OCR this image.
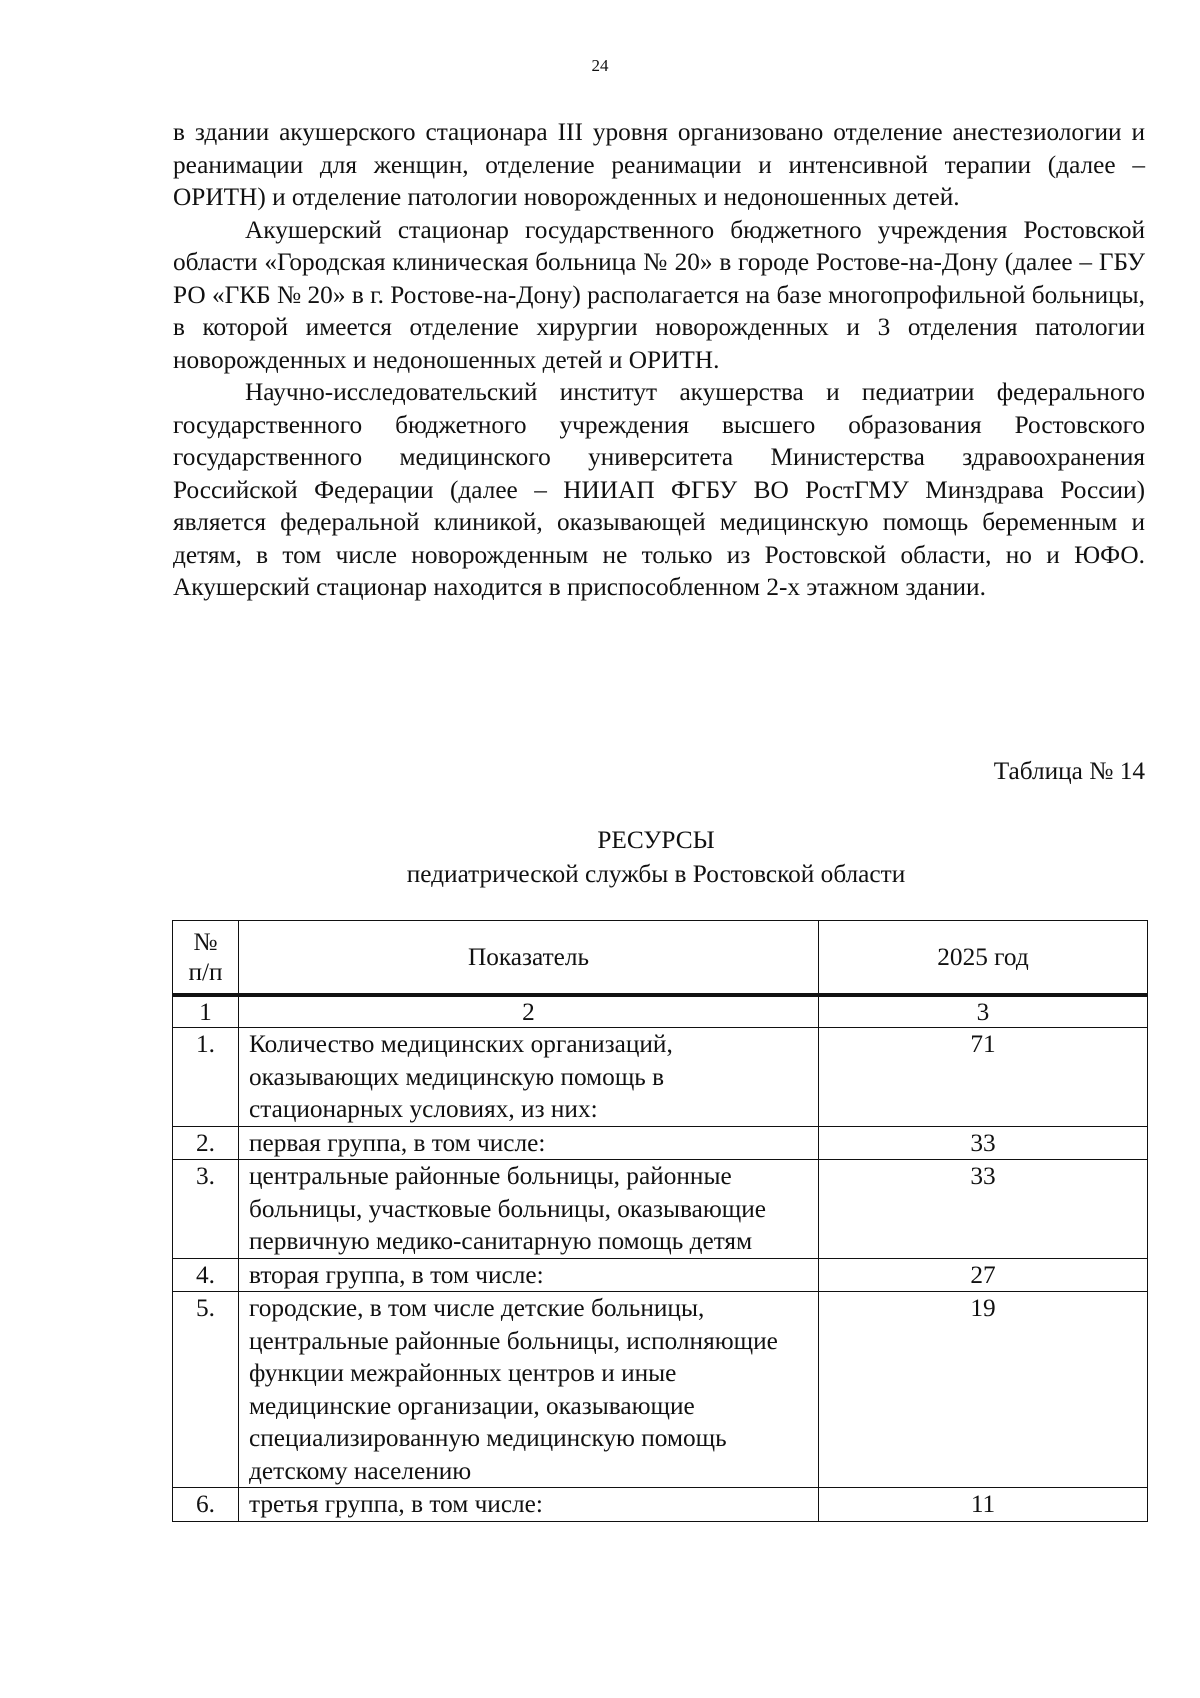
24

в здании акушерского стационара III уровня организовано отделение анестезиологии и реанимации для женщин, отделение реанимации и интенсивной терапии (далее – ОРИТН) и отделение патологии новорожденных и недоношенных детей.

Акушерский стационар государственного бюджетного учреждения Ростовской области «Городская клиническая больница № 20» в городе Ростове-на-Дону (далее – ГБУ РО «ГКБ № 20» в г. Ростове-на-Дону) располагается на базе многопрофильной больницы, в которой имеется отделение хирургии новорожденных и 3 отделения патологии новорожденных и недоношенных детей и ОРИТН.

Научно-исследовательский институт акушерства и педиатрии федерального государственного бюджетного учреждения высшего образования Ростовского государственного медицинского университета Министерства здравоохранения Российской Федерации (далее – НИИАП ФГБУ ВО РостГМУ Минздрава России) является федеральной клиникой, оказывающей медицинскую помощь беременным и детям, в том числе новорожденным не только из Ростовской области, но и ЮФО. Акушерский стационар находится в приспособленном 2-х этажном здании.

Таблица № 14
РЕСУРСЫ
педиатрической службы в Ростовской области
№
п/п	Показатель	2025 год
1	2	3
1.	Количество медицинских организаций, оказывающих медицинскую помощь в стационарных условиях, из них:	71
2.	первая группа, в том числе:	33
3.	центральные районные больницы, районные больницы, участковые больницы, оказывающие первичную медико-санитарную помощь детям	33
4.	вторая группа, в том числе:	27
5.	городские, в том числе детские больницы, центральные районные больницы, исполняющие функции межрайонных центров и иные медицинские организации, оказывающие специализированную медицинскую помощь детскому населению	19
6.	третья группа, в том числе:	11
